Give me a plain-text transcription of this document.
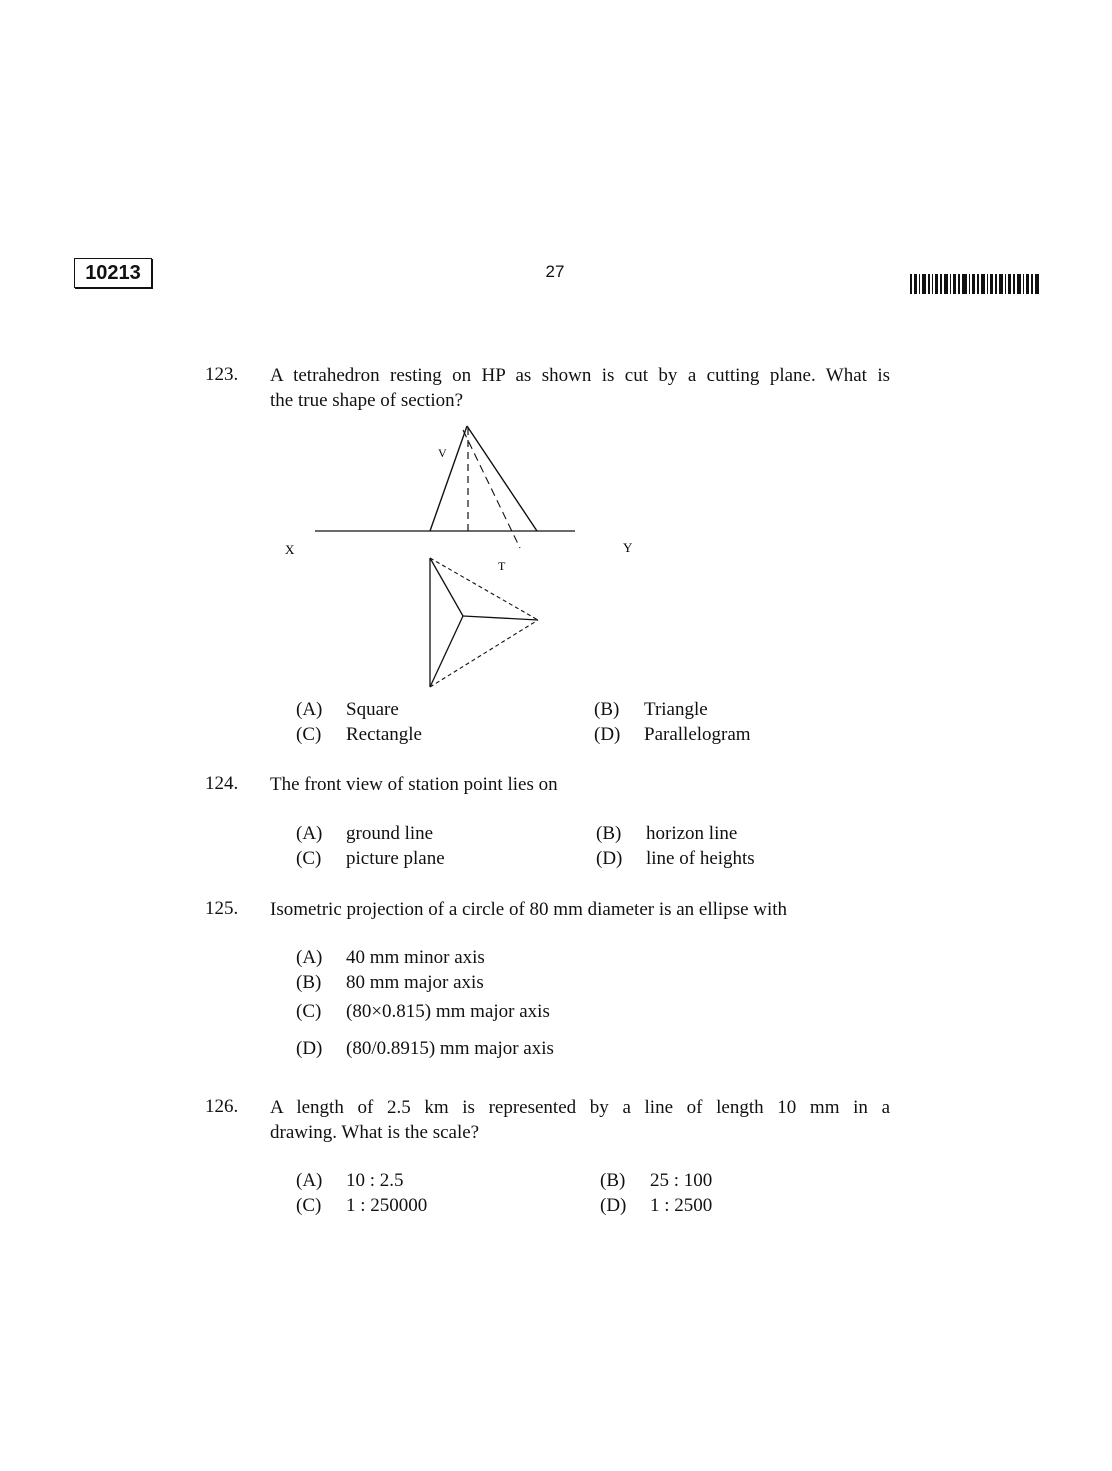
10213	27
123. A tetrahedron resting on HP as shown is cut by a cutting plane. What is
the true shape of section?
V
X	Y
T
(A) Square	(B) Triangle
(C) Rectangle	(D) Parallelogram
124. The front view of station point lies on
(A) ground line	(B) horizon line
(C) picture plane	(D) line of heights
125. Isometric projection of a circle of 80 mm diameter is an ellipse with
(A) 40 mm minor axis
(B) 80 mm major axis
(C) (80×0.815) mm major axis
(D) (80/0.8915) mm major axis
126. A length of 2.5 km is represented by a line of length 10 mm in a
drawing. What is the scale?
(A) 10 : 2.5	(B) 25 : 100
(C) 1 : 250000	(D) 1 : 2500
